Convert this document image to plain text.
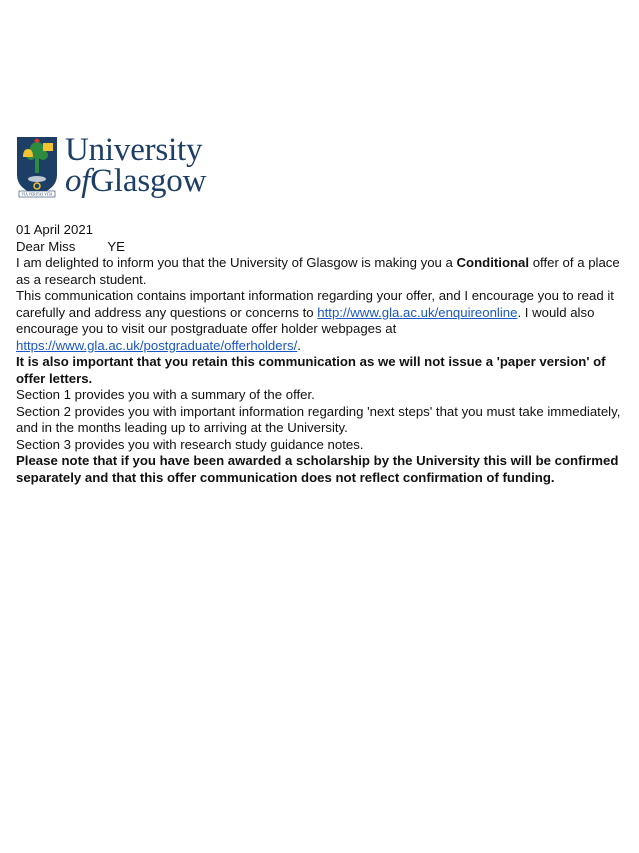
VIA VERITAS VITA
University
ofGlasgow

01 April 2021

Dear Miss YE

I am delighted to inform you that the University of Glasgow is making you a Conditional offer of a place as a research student.

This communication contains important information regarding your offer, and I encourage you to read it carefully and address any questions or concerns to http://www.gla.ac.uk/enquireonline. I would also encourage you to visit our postgraduate offer holder webpages at https://www.gla.ac.uk/postgraduate/offerholders/.

It is also important that you retain this communication as we will not issue a 'paper version' of offer letters.

Section 1 provides you with a summary of the offer.

Section 2 provides you with important information regarding 'next steps' that you must take immediately, and in the months leading up to arriving at the University.

Section 3 provides you with research study guidance notes.

Please note that if you have been awarded a scholarship by the University this will be confirmed separately and that this offer communication does not reflect confirmation of funding.
